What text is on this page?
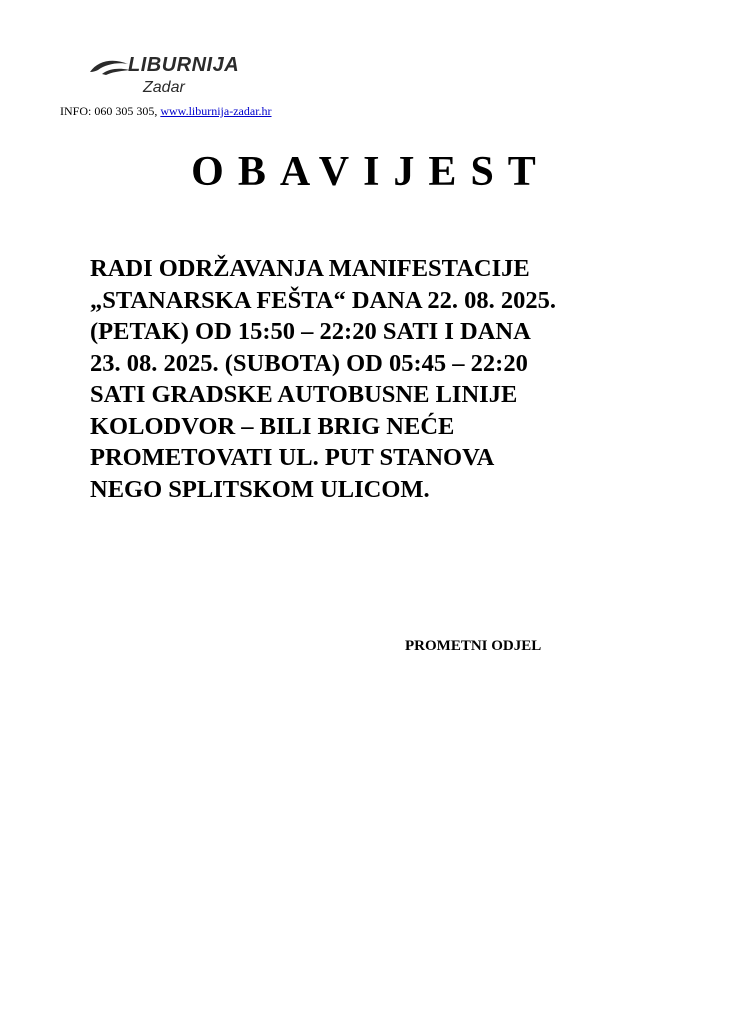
LIBURNIJA
Zadar
INFO: 060 305 305, www.liburnija-zadar.hr
OBAVIJEST
RADI ODRŽAVANJA MANIFESTACIJE
„STANARSKA FEŠTA“ DANA 22. 08. 2025.
(PETAK) OD 15:50 – 22:20 SATI I DANA
23. 08. 2025. (SUBOTA) OD 05:45 – 22:20
SATI GRADSKE AUTOBUSNE LINIJE
KOLODVOR – BILI BRIG NEĆE
PROMETOVATI UL. PUT STANOVA
NEGO SPLITSKOM ULICOM.
PROMETNI ODJEL
